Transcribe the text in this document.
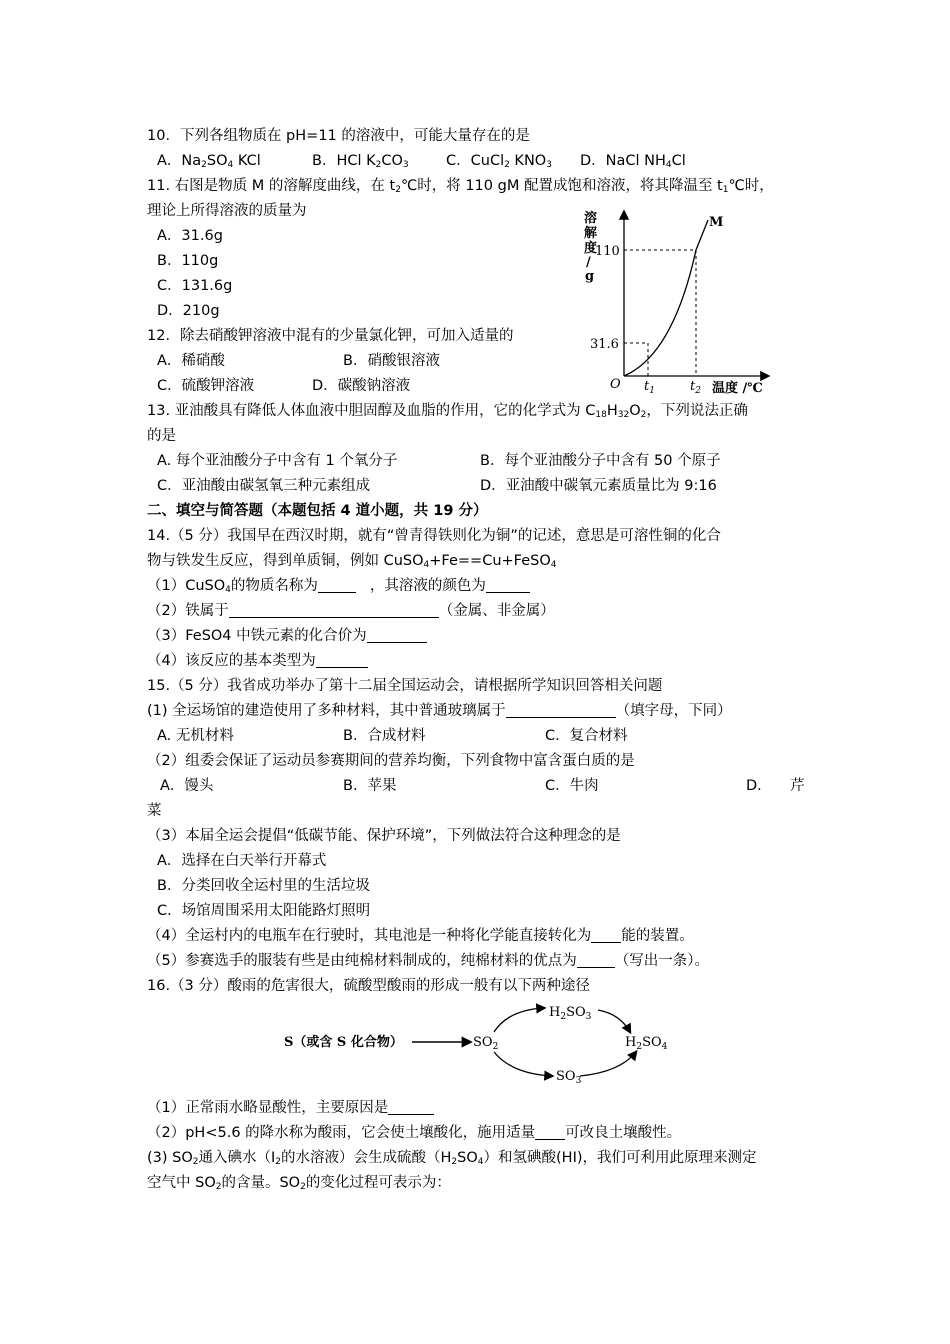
10．下列各组物质在 pH=11 的溶液中，可能大量存在的是
A．$Na_2SO_4$ KCl	B．HCl $K_2CO_3$	C．CuCl$_2$ $KNO_3$ D．NaCl $NH_4Cl$
11. 右图是物质 M 的溶解度曲线，在 $t_2℃$时，将 110 gM 配置成饱和溶液，将其降温至 $t_1℃$时，
理论上所得溶液的质量为
A．31.6g
B．110g
C．131.6g
D．210g
溶
解
度
/
g
M
110
31.6
O $t_1$	$t_2$ 温度 /℃
12．除去硝酸钾溶液中混有的少量氯化钾，可加入适量的
A．稀硝酸	B．硝酸银溶液
C．硫酸钾溶液	D．碳酸钠溶液
13. 亚油酸具有降低人体血液中胆固醇及血脂的作用，它的化学式为 $C_{18}H_{32}O_2$，下列说法正确
的是
A. 每个亚油酸分子中含有 1 个氧分子	B．每个亚油酸分子中含有 50 个原子
C．亚油酸由碳氢氧三种元素组成	D．亚油酸中碳氧元素质量比为 9:16
二、填空与简答题（本题包括 4 道小题，共 19 分）
14.（5 分）我国早在西汉时期，就有“曾青得铁则化为铜”的记述，意思是可溶性铜的化合
物与铁发生反应，得到单质铜，例如 CuSO$_4$+Fe==Cu+FeSO$_4$
（1）CuSO$_4$的物质名称为	，其溶液的颜色为
（2）铁属于	（金属、非金属）
（3）FeSO4 中铁元素的化合价为
（4）该反应的基本类型为
15.（5 分）我省成功举办了第十二届全国运动会，请根据所学知识回答相关问题
(1) 全运场馆的建造使用了多种材料，其中普通玻璃属于	（填字母，下同）
A. 无机材料	B．合成材料	C．复合材料
（2）组委会保证了运动员参赛期间的营养均衡，下列食物中富含蛋白质的是
A．馒头	B．苹果	C．牛肉	D． 芹
菜
（3）本届全运会提倡“低碳节能、保护环境”，下列做法符合这种理念的是
A．选择在白天举行开幕式
B．分类回收全运村里的生活垃圾
C．场馆周围采用太阳能路灯照明
（4）全运村内的电瓶车在行驶时，其电池是一种将化学能直接转化为 能的装置。
（5）参赛选手的服装有些是由纯棉材料制成的，纯棉材料的优点为	（写出一条）。
16.（3 分）酸雨的危害很大，硫酸型酸雨的形成一般有以下两种途径
S（或含 S 化合物）	$SO_2$
$H_2SO_3$
$H_2SO_4$
$SO_3$
（1）正常雨水略显酸性，主要原因是
（2）pH<5.6 的降水称为酸雨，它会使土壤酸化，施用适量 可改良土壤酸性。
(3) $SO_2$通入碘水（$I_2$的水溶液）会生成硫酸$(H_2SO_4)$和氢碘酸(HI)，我们可利用此原理来测定
空气中 $SO_2$的含量。$SO_2$的变化过程可表示为：
